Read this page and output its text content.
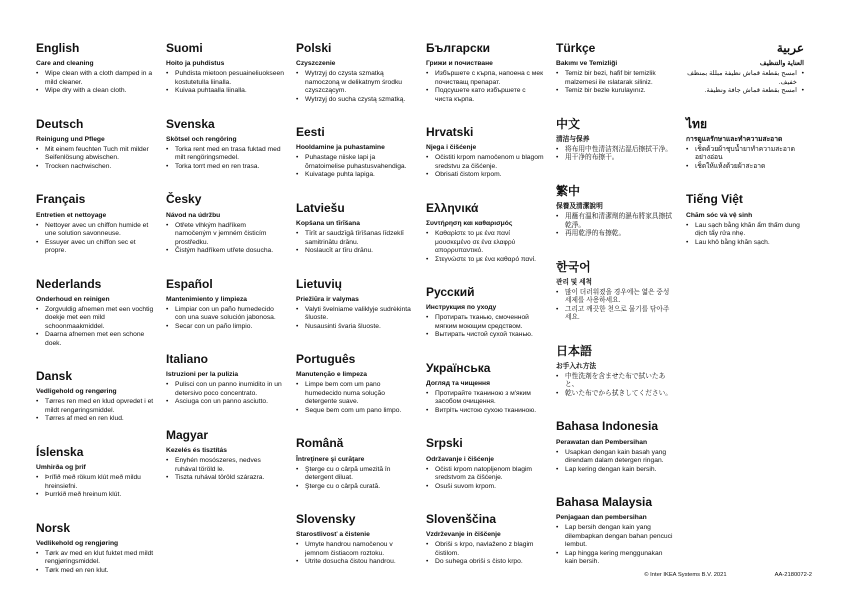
English

Care and cleaning

• Wipe clean with a cloth damped in a mild cleaner.
• Wipe dry with a clean cloth.
Deutsch

Reinigung und Pflege

• Mit einem feuchten Tuch mit milder Seifenlösung abwischen.
• Trocken nachwischen.
Français

Entretien et nettoyage

• Nettoyer avec un chiffon humide et une solution savonneuse.
• Essuyer avec un chiffon sec et propre.
Nederlands

Onderhoud en reinigen

• Zorgvuldig afnemen met een vochtig doekje met een mild schoonmaakmiddel.
• Daarna afnemen met een schone doek.
Dansk

Vedligehold og rengøring

• Tørres ren med en klud opvredet i et mildt rengøringsmiddel.
• Tørres af med en ren klud.
Íslenska

Umhirða og þrif

• Þrífið með rökum klút með mildu hreinsiefni.
• Þurrkið með hreinum klút.
Norsk

Vedlikehold og rengjøring

• Tørk av med en klut fuktet med mildt rengjøringsmiddel.
• Tørk med en ren klut.
Suomi

Hoito ja puhdistus

• Puhdista mietoon pesuaineliuokseen kostutetulla liinalla.
• Kuivaa puhtaalla liinalla.
Svenska

Skötsel och rengöring

• Torka rent med en trasa fuktad med milt rengöringsmedel.
• Torka torrt med en ren trasa.
Česky

Návod na údržbu

• Otřete vlhkým hadříkem namočeným v jemném čisticím prostředku.
• Čistým hadříkem utřete dosucha.
Español

Mantenimiento y limpieza

• Limpiar con un paño humedecido con una suave solución jabonosa.
• Secar con un paño limpio.
Italiano

Istruzioni per la pulizia

• Pulisci con un panno inumidito in un detersivo poco concentrato.
• Asciuga con un panno asciutto.
Magyar

Kezelés és tisztítás

• Enyhén mosószeres, nedves ruhával töröld le.
• Tiszta ruhával töröld szárazra.
Polski

Czyszczenie

• Wytrzyj do czysta szmatką namoczoną w delikatnym środku czyszczącym.
• Wytrzyj do sucha czystą szmatką.
Eesti

Hooldamine ja puhastamine

• Puhastage niiske lapi ja õrnatoimelise puhastusvahendiga.
• Kuivatage puhta lapiga.
Latviešu

Kopšana un tīrīšana

• Tīrīt ar saudzīgā tīrīšanas līdzeklī samitrinātu drānu.
• Noslaucīt ar tīru drānu.
Lietuvių

Priežiūra ir valymas

• Valyti švelniame valiklyje sudrėkinta šluoste.
• Nusausinti švaria šluoste.
Português

Manutenção e limpeza

• Limpe bem com um pano humedecido numa solução detergente suave.
• Seque bem com um pano limpo.
Română

Întreţinere şi curăţare

• Şterge cu o cârpă umezită în detergent diluat.
• Şterge cu o cârpă curată.
Slovensky

Starostlivosť a čistenie

• Umyte handrou namočenou v jemnom čistiacom roztoku.
• Utrite dosucha čistou handrou.
Български

Грижи и почистване

• Избършете с кърпа, напоена с мек почистващ препарат.
• Подсушете като избършете с чиста кърпа.
Hrvatski

Njega i čišćenje

• Očistiti krpom namočenom u blagom sredstvu za čišćenje.
• Obrisati čistom krpom.
Ελληνικά

Συντήρηση και καθαρισμός

• Καθαρίστε το με ένα πανί μουσκεμένο σε ένα ελαφρύ απορρυπαντικό.
• Στεγνώστε το με ένα καθαρό πανί.
Русский

Инструкция по уходу

• Протирать тканью, смоченной мягким моющим средством.
• Вытирать чистой сухой тканью.
Українська

Догляд та чищення

• Протирайте тканиною з м'яким засобом очищення.
• Витріть чистою сухою тканиною.
Srpski

Održavanje i čišćenje

• Očisti krpom natopljenom blagim sredstvom za čišćenje.
• Osuši suvom krpom.
Slovenščina

Vzdrževanje in čiščenje

• Obriši s krpo, navlaženo z blagim čistilom.
• Do suhega obriši s čisto krpo.
Türkçe

Bakımı ve Temizliği

• Temiz bir bezi, hafif bir temizlik malzemesi ile ıslatarak siliniz.
• Temiz bir bezle kurulayınız.
中文

清洁与保养

• 将布用中性清洁剂沾湿后擦拭干净。
• 用干净的布擦干。
繁中

保養及清潔說明

• 用蘸有溫和清潔劑的濕布將家具擦拭乾淨。
• 再用乾淨的布擦乾。
한국어

관리 및 세척

• 많이 더러워졌을 경우에는 엷은 중성세제를 사용하세요.
• 그리고 깨끗한 천으로 물기를 닦아주세요.
日本語

お手入れ方法

• 中性洗剤を含ませた布で拭いたあと、
• 乾いた布でから拭きしてください。
Bahasa Indonesia

Perawatan dan Pembersihan

• Usapkan dengan kain basah yang direndam dalam detergen ringan.
• Lap kering dengan kain bersih.
Bahasa Malaysia

Penjagaan dan pembersihan

• Lap bersih dengan kain yang dilembapkan dengan bahan pencuci lembut.
• Lap hingga kering menggunakan kain bersih.
عربية

العناية والتنظيف

•
امسح بقطعة قماش نظيفة مبللة بمنظف خفيف.
•
امسح بقطعة قماش جافة ونظيفة.
ไทย

การดูแลรักษาและทำความสะอาด

• เช็ดด้วยผ้าชุบน้ำยาทำความสะอาดอย่างอ่อน
• เช็ดให้แห้งด้วยผ้าสะอาด
Tiếng Việt

Chăm sóc và vệ sinh

• Lau sạch bằng khăn ẩm thấm dung dịch tẩy rửa nhẹ.
• Lau khô bằng khăn sạch.
© Inter IKEA Systems B.V. 2021	AA-2180072-2
